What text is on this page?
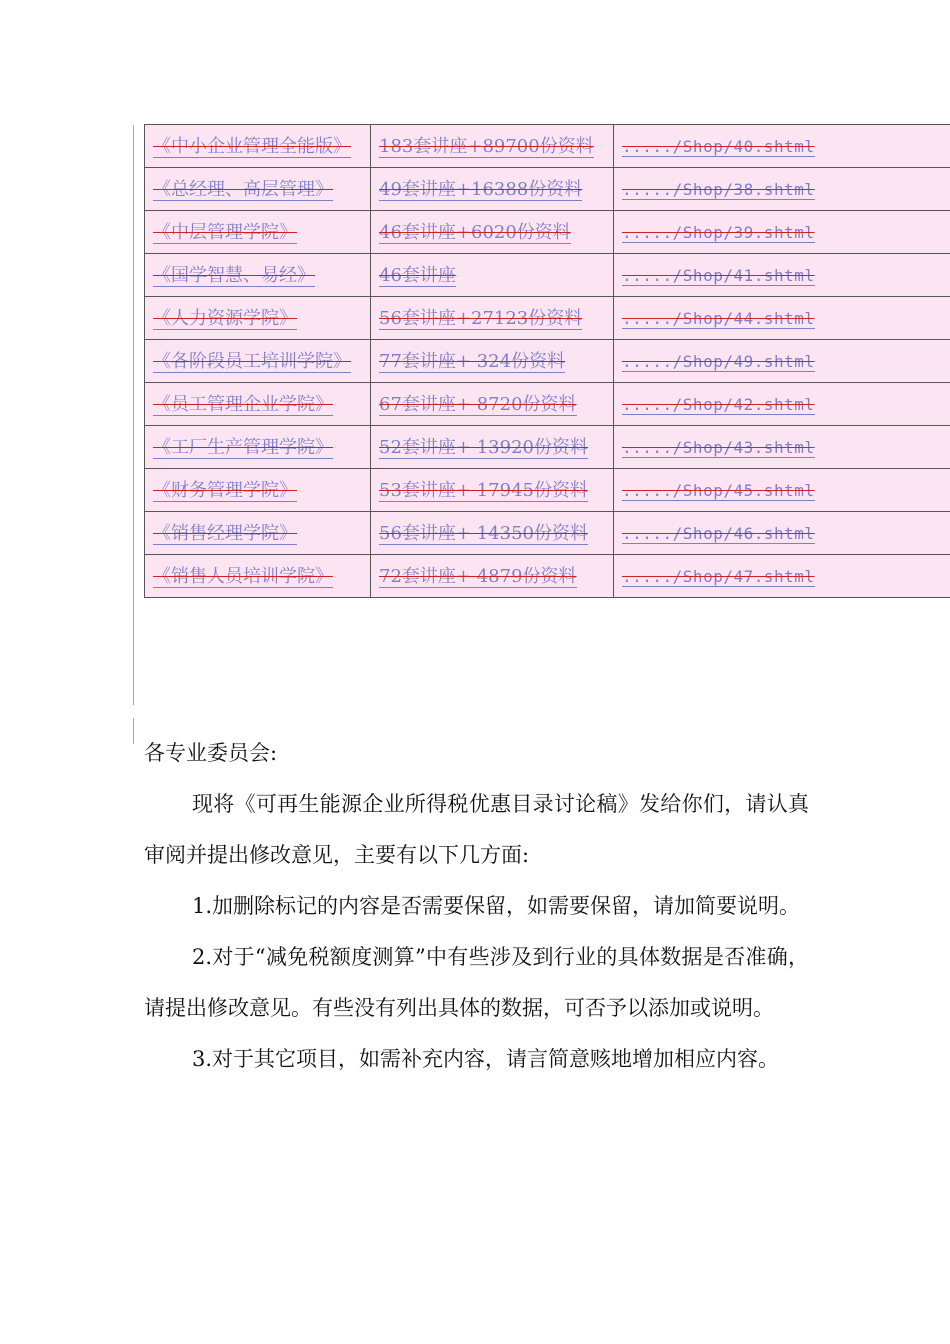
《中小企业管理全能版》	183套讲座+89700份资料	...../Shop/40.shtml
《总经理、高层管理》	49套讲座+16388份资料	...../Shop/38.shtml
《中层管理学院》	46套讲座+6020份资料	...../Shop/39.shtml
《国学智慧、易经》	46套讲座	...../Shop/41.shtml
《人力资源学院》	56套讲座+27123份资料	...../Shop/44.shtml
《各阶段员工培训学院》	77套讲座+ 324份资料	...../Shop/49.shtml
《员工管理企业学院》	67套讲座+ 8720份资料	...../Shop/42.shtml
《工厂生产管理学院》	52套讲座+ 13920份资料	...../Shop/43.shtml
《财务管理学院》	53套讲座+ 17945份资料	...../Shop/45.shtml
《销售经理学院》	56套讲座+ 14350份资料	...../Shop/46.shtml
《销售人员培训学院》	72套讲座+ 4879份资料	...../Shop/47.shtml

各专业委员会:

现将《可再生能源企业所得税优惠目录讨论稿》发给你们，请认真审阅并提出修改意见，主要有以下几方面:

1.加删除标记的内容是否需要保留，如需要保留，请加简要说明。

2.对于“减免税额度测算”中有些涉及到行业的具体数据是否准确，请提出修改意见。有些没有列出具体的数据，可否予以添加或说明。

3.对于其它项目，如需补充内容，请言简意赅地增加相应内容。
